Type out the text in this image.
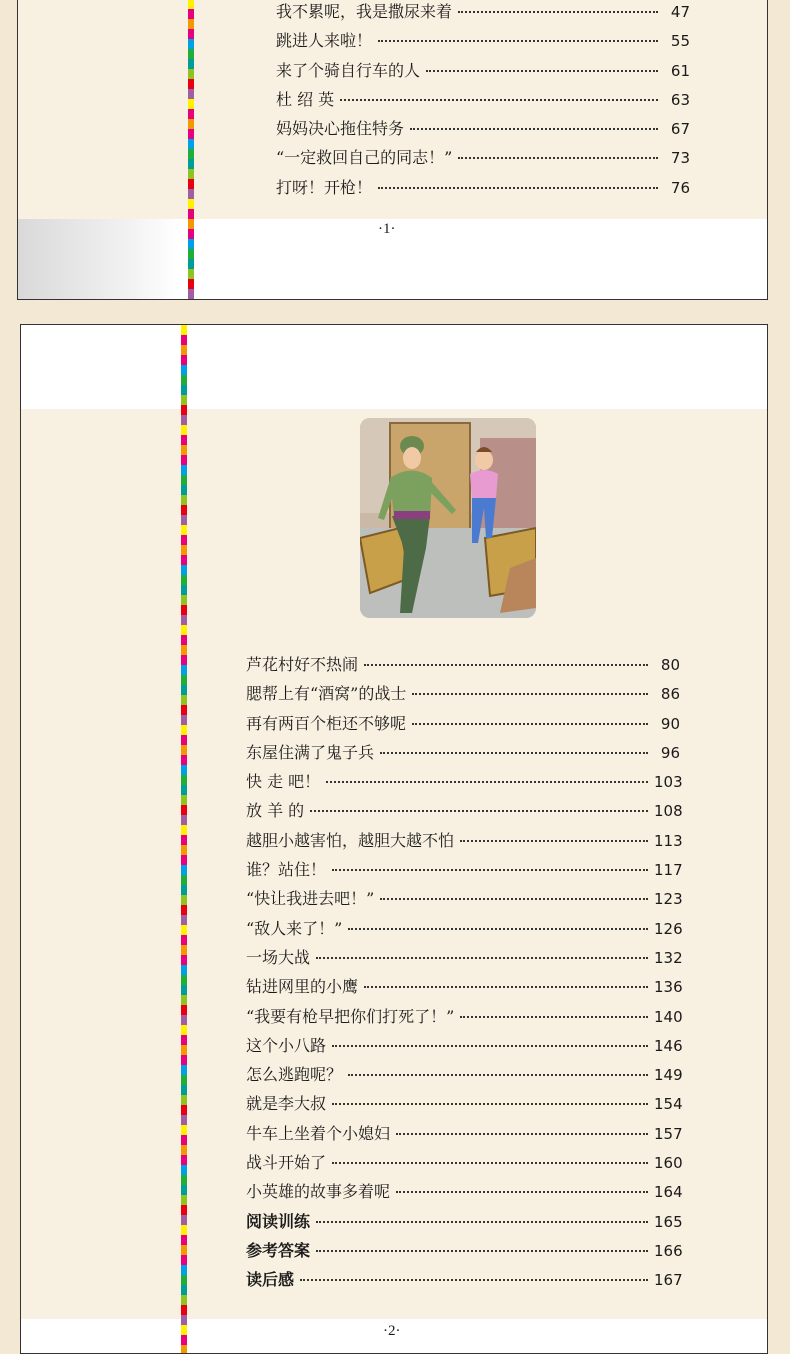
我不累呢，我是撒尿来着	47
跳进人来啦！	55
来了个骑自行车的人	61
杜 绍 英	63
妈妈决心拖住特务	67
“一定救回自己的同志！”	73
打呀！开枪！	76
·1·
芦花村好不热闹	80
腮帮上有“酒窝”的战士	86
再有两百个柜还不够呢	90
东屋住满了鬼子兵	96
快 走 吧！	103
放 羊 的	108
越胆小越害怕，越胆大越不怕	113
谁？站住！	117
“快让我进去吧！”	123
“敌人来了！”	126
一场大战	132
钻进网里的小鹰	136
“我要有枪早把你们打死了！”	140
这个小八路	146
怎么逃跑呢？	149
就是李大叔	154
牛车上坐着个小媳妇	157
战斗开始了	160
小英雄的故事多着呢	164
阅读训练	165
参考答案	166
读后感	167
·2·
